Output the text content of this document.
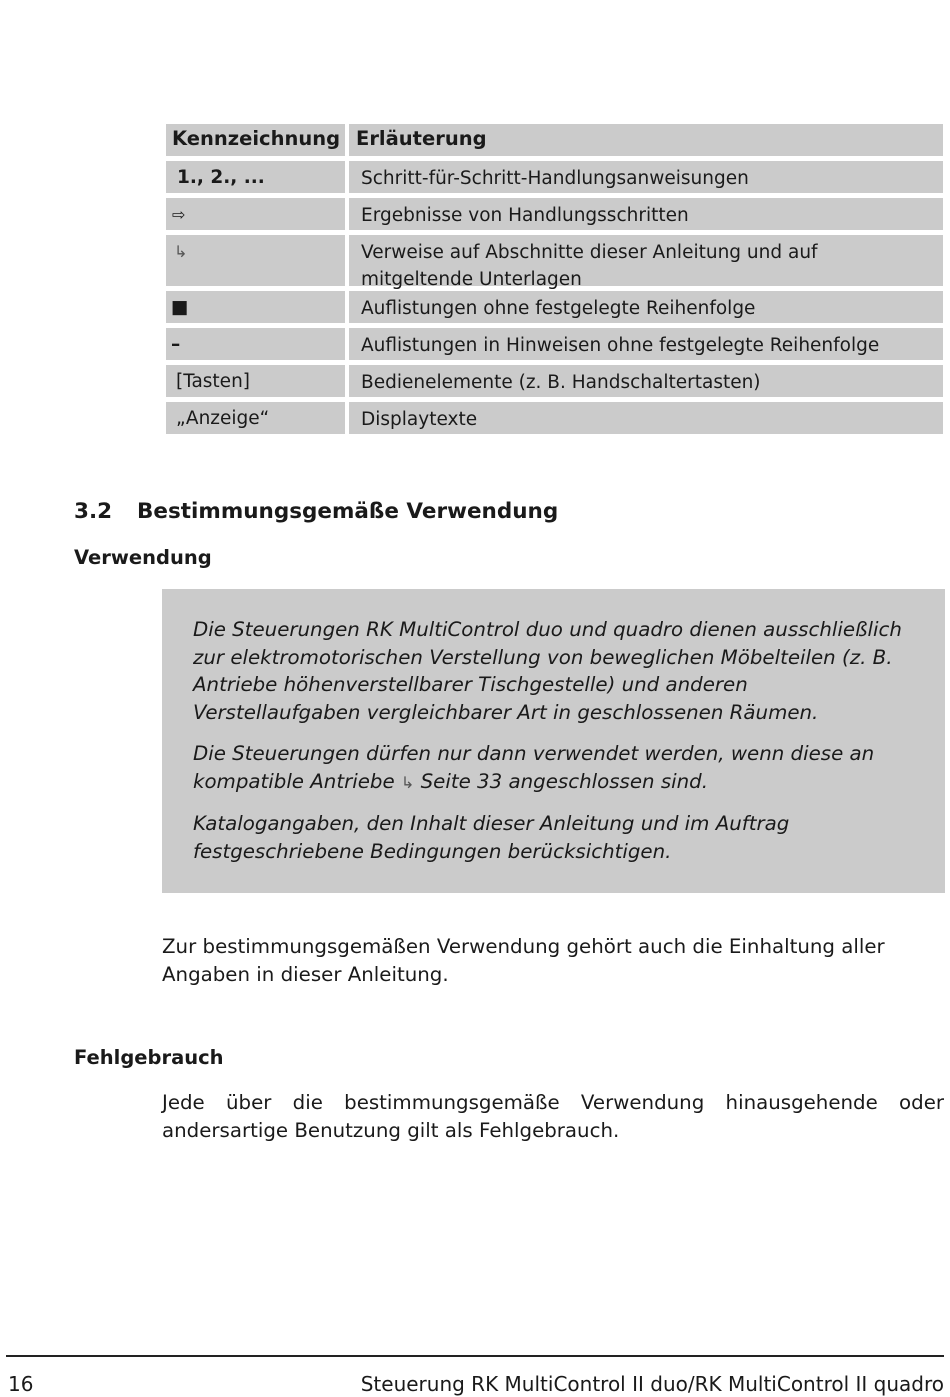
Kennzeichnung Erläuterung
1., 2., ...	Schritt-für-Schritt-Handlungsanweisungen
⇨	Ergebnisse von Handlungsschritten
↳	Verweise auf Abschnitte dieser Anleitung und auf mitgeltende Unterlagen
■	Auflistungen ohne festgelegte Reihenfolge
–	Auflistungen in Hinweisen ohne festgelegte Reihenfolge
[Tasten]	Bedienelemente (z. B. Handschaltertasten)
„Anzeige“	Displaytexte
3.2 Bestimmungsgemäße Verwendung
Verwendung

Die Steuerungen RK MultiControl duo und quadro dienen ausschließlich zur elektromotorischen Verstellung von beweglichen Möbelteilen (z. B. Antriebe höhenverstellbarer Tischgestelle) und anderen Verstellaufgaben vergleichbarer Art in geschlossenen Räumen.

Die Steuerungen dürfen nur dann verwendet werden, wenn diese an kompatible Antriebe ↳ Seite 33 angeschlossen sind.

Katalogangaben, den Inhalt dieser Anleitung und im Auftrag festgeschriebene Bedingungen berücksichtigen.

Zur bestimmungsgemäßen Verwendung gehört auch die Einhaltung aller Angaben in dieser Anleitung.
Fehlgebrauch
Jede über die bestimmungsgemäße Verwendung hinausgehende oder andersartige Benutzung gilt als Fehlgebrauch.
16	Steuerung RK MultiControl II duo/RK MultiControl II quadro
